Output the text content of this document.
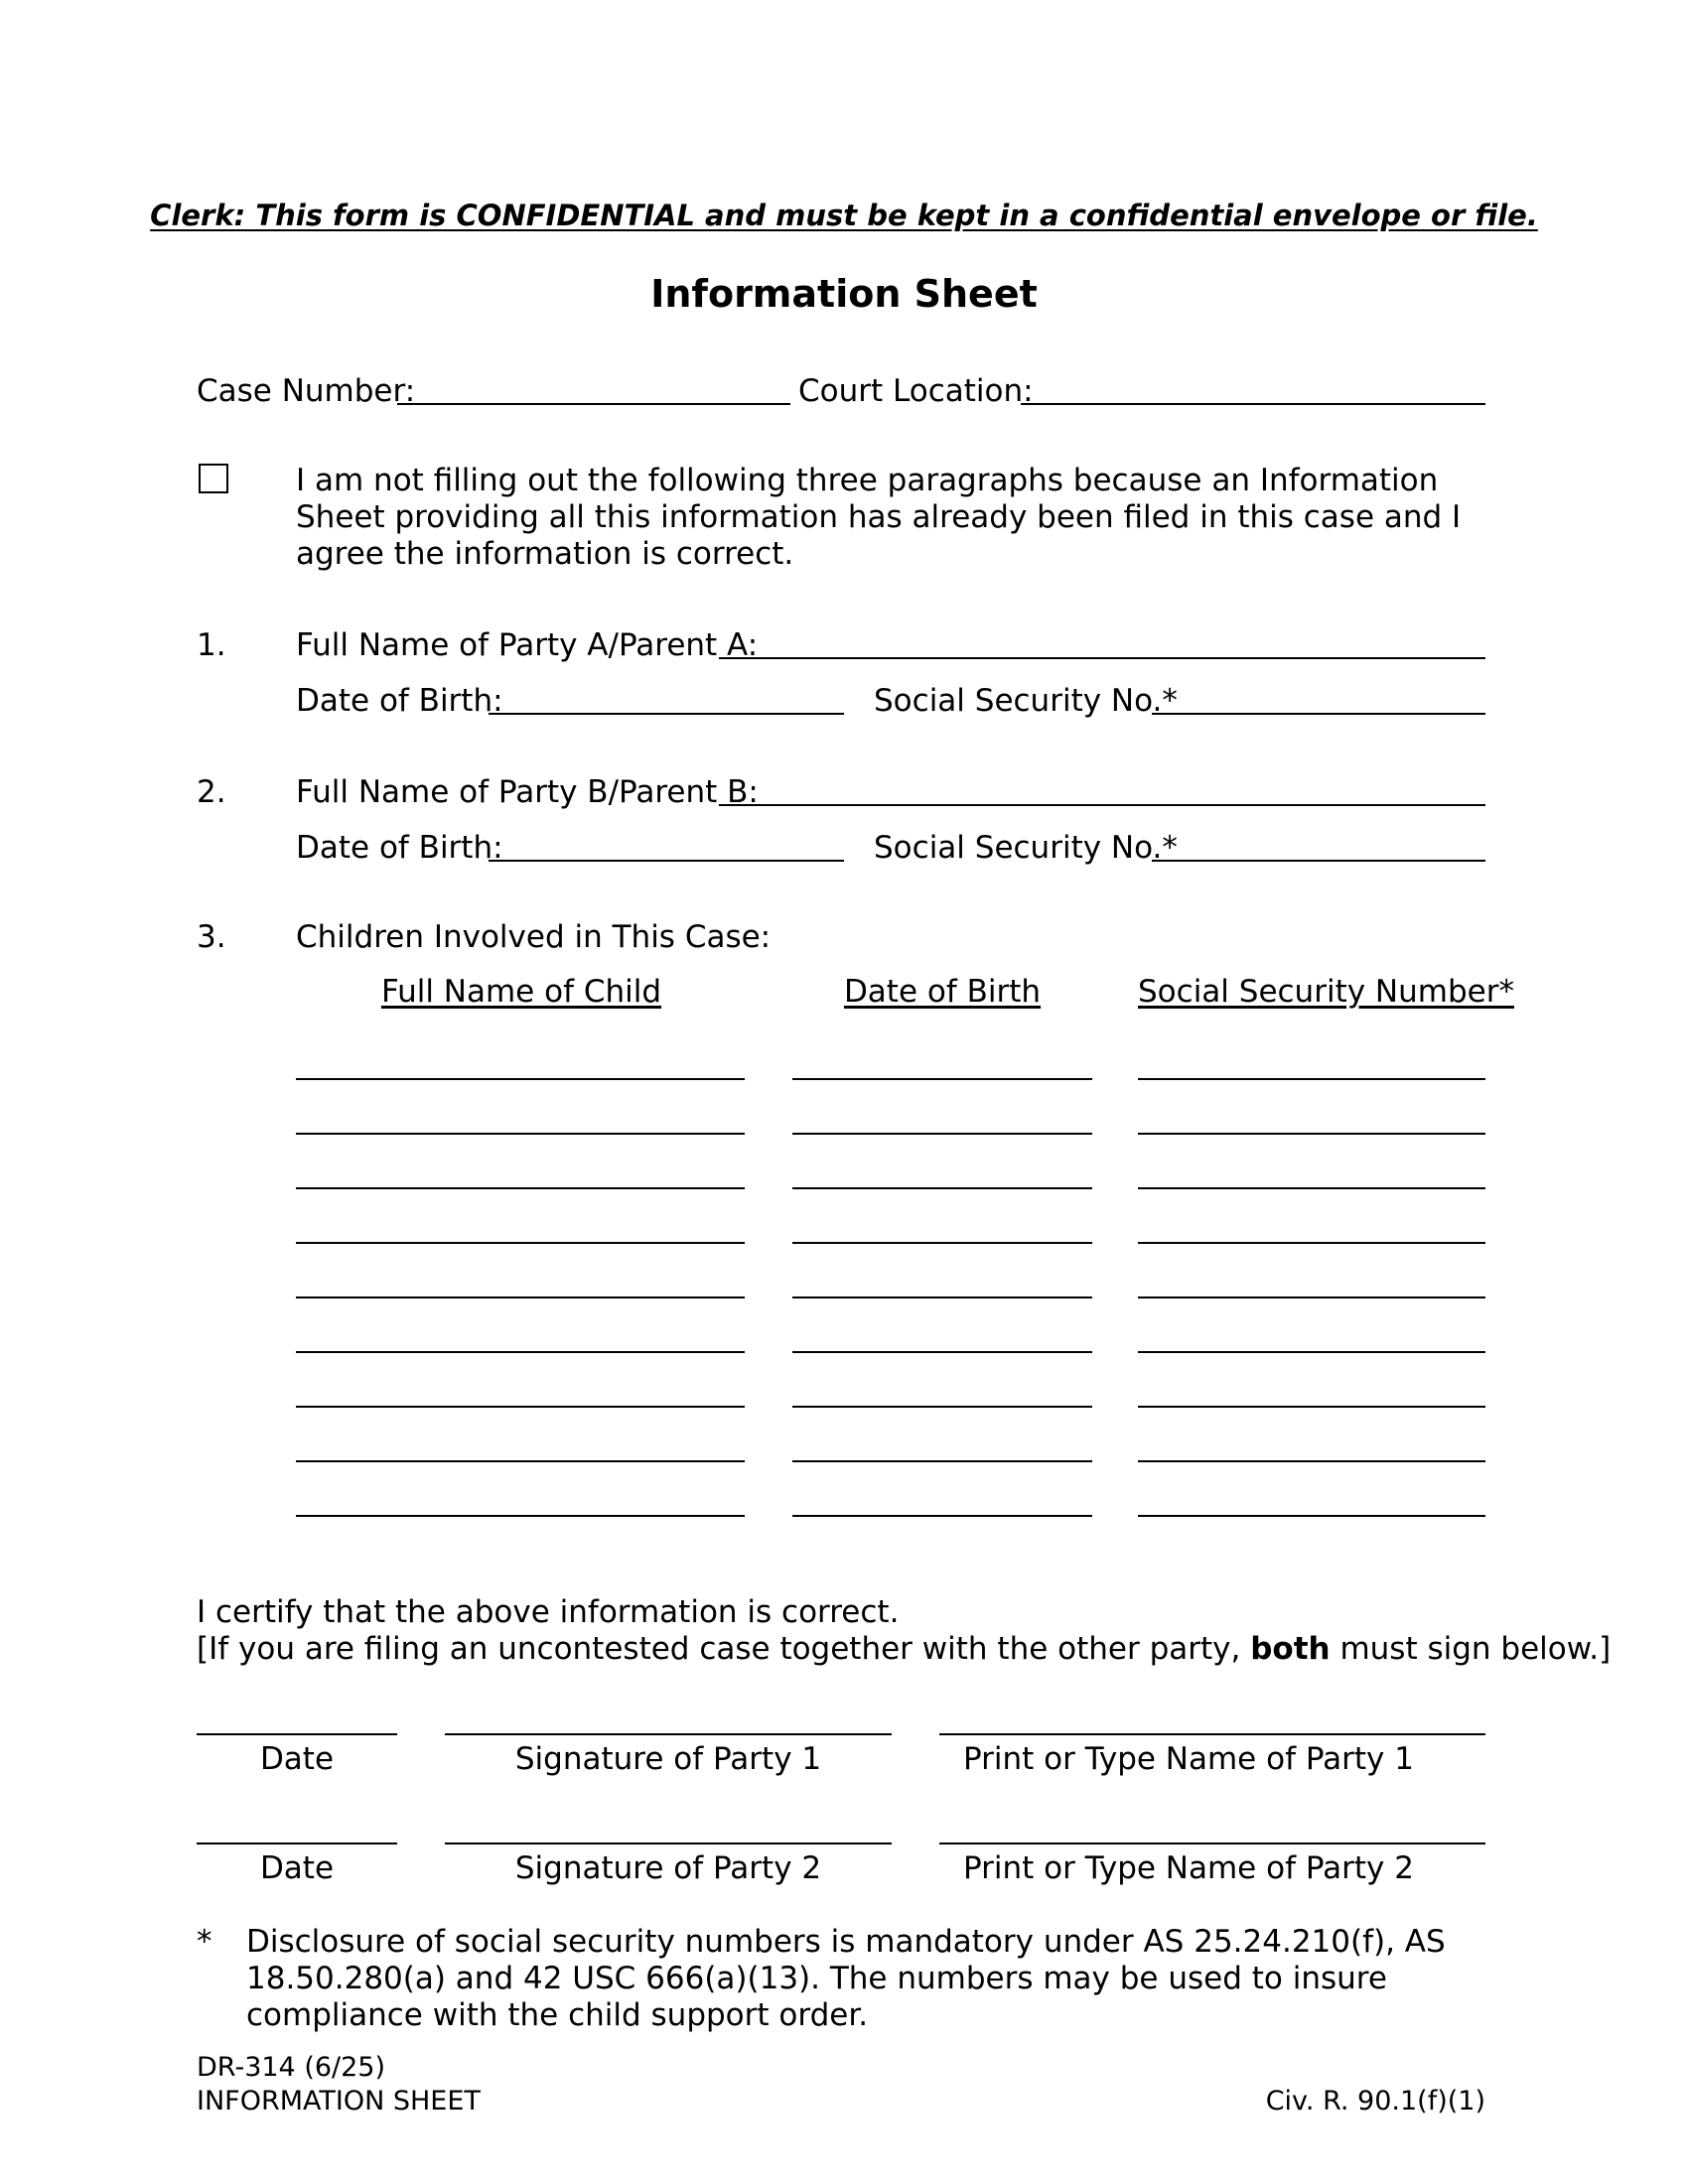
Clerk: This form is CONFIDENTIAL and must be kept in a confidential envelope or file.
Information Sheet
Case Number:	Court Location:
I am not filling out the following three paragraphs because an Information Sheet providing all this information has already been filed in this case and I agree the information is correct.
1. Full Name of Party A/Parent A:
Date of Birth:	Social Security No.*
2. Full Name of Party B/Parent B:
Date of Birth:	Social Security No.*
3. Children Involved in This Case:
Full Name of Child	Date of Birth	Social Security Number*
I certify that the above information is correct.
[If you are filing an uncontested case together with the other party, both must sign below.]
Date	Signature of Party 1	Print or Type Name of Party 1
Date	Signature of Party 2	Print or Type Name of Party 2
* Disclosure of social security numbers is mandatory under AS 25.24.210(f), AS 18.50.280(a) and 42 USC 666(a)(13). The numbers may be used to insure compliance with the child support order.
DR-314 (6/25)
INFORMATION SHEET	Civ. R. 90.1(f)(1)
